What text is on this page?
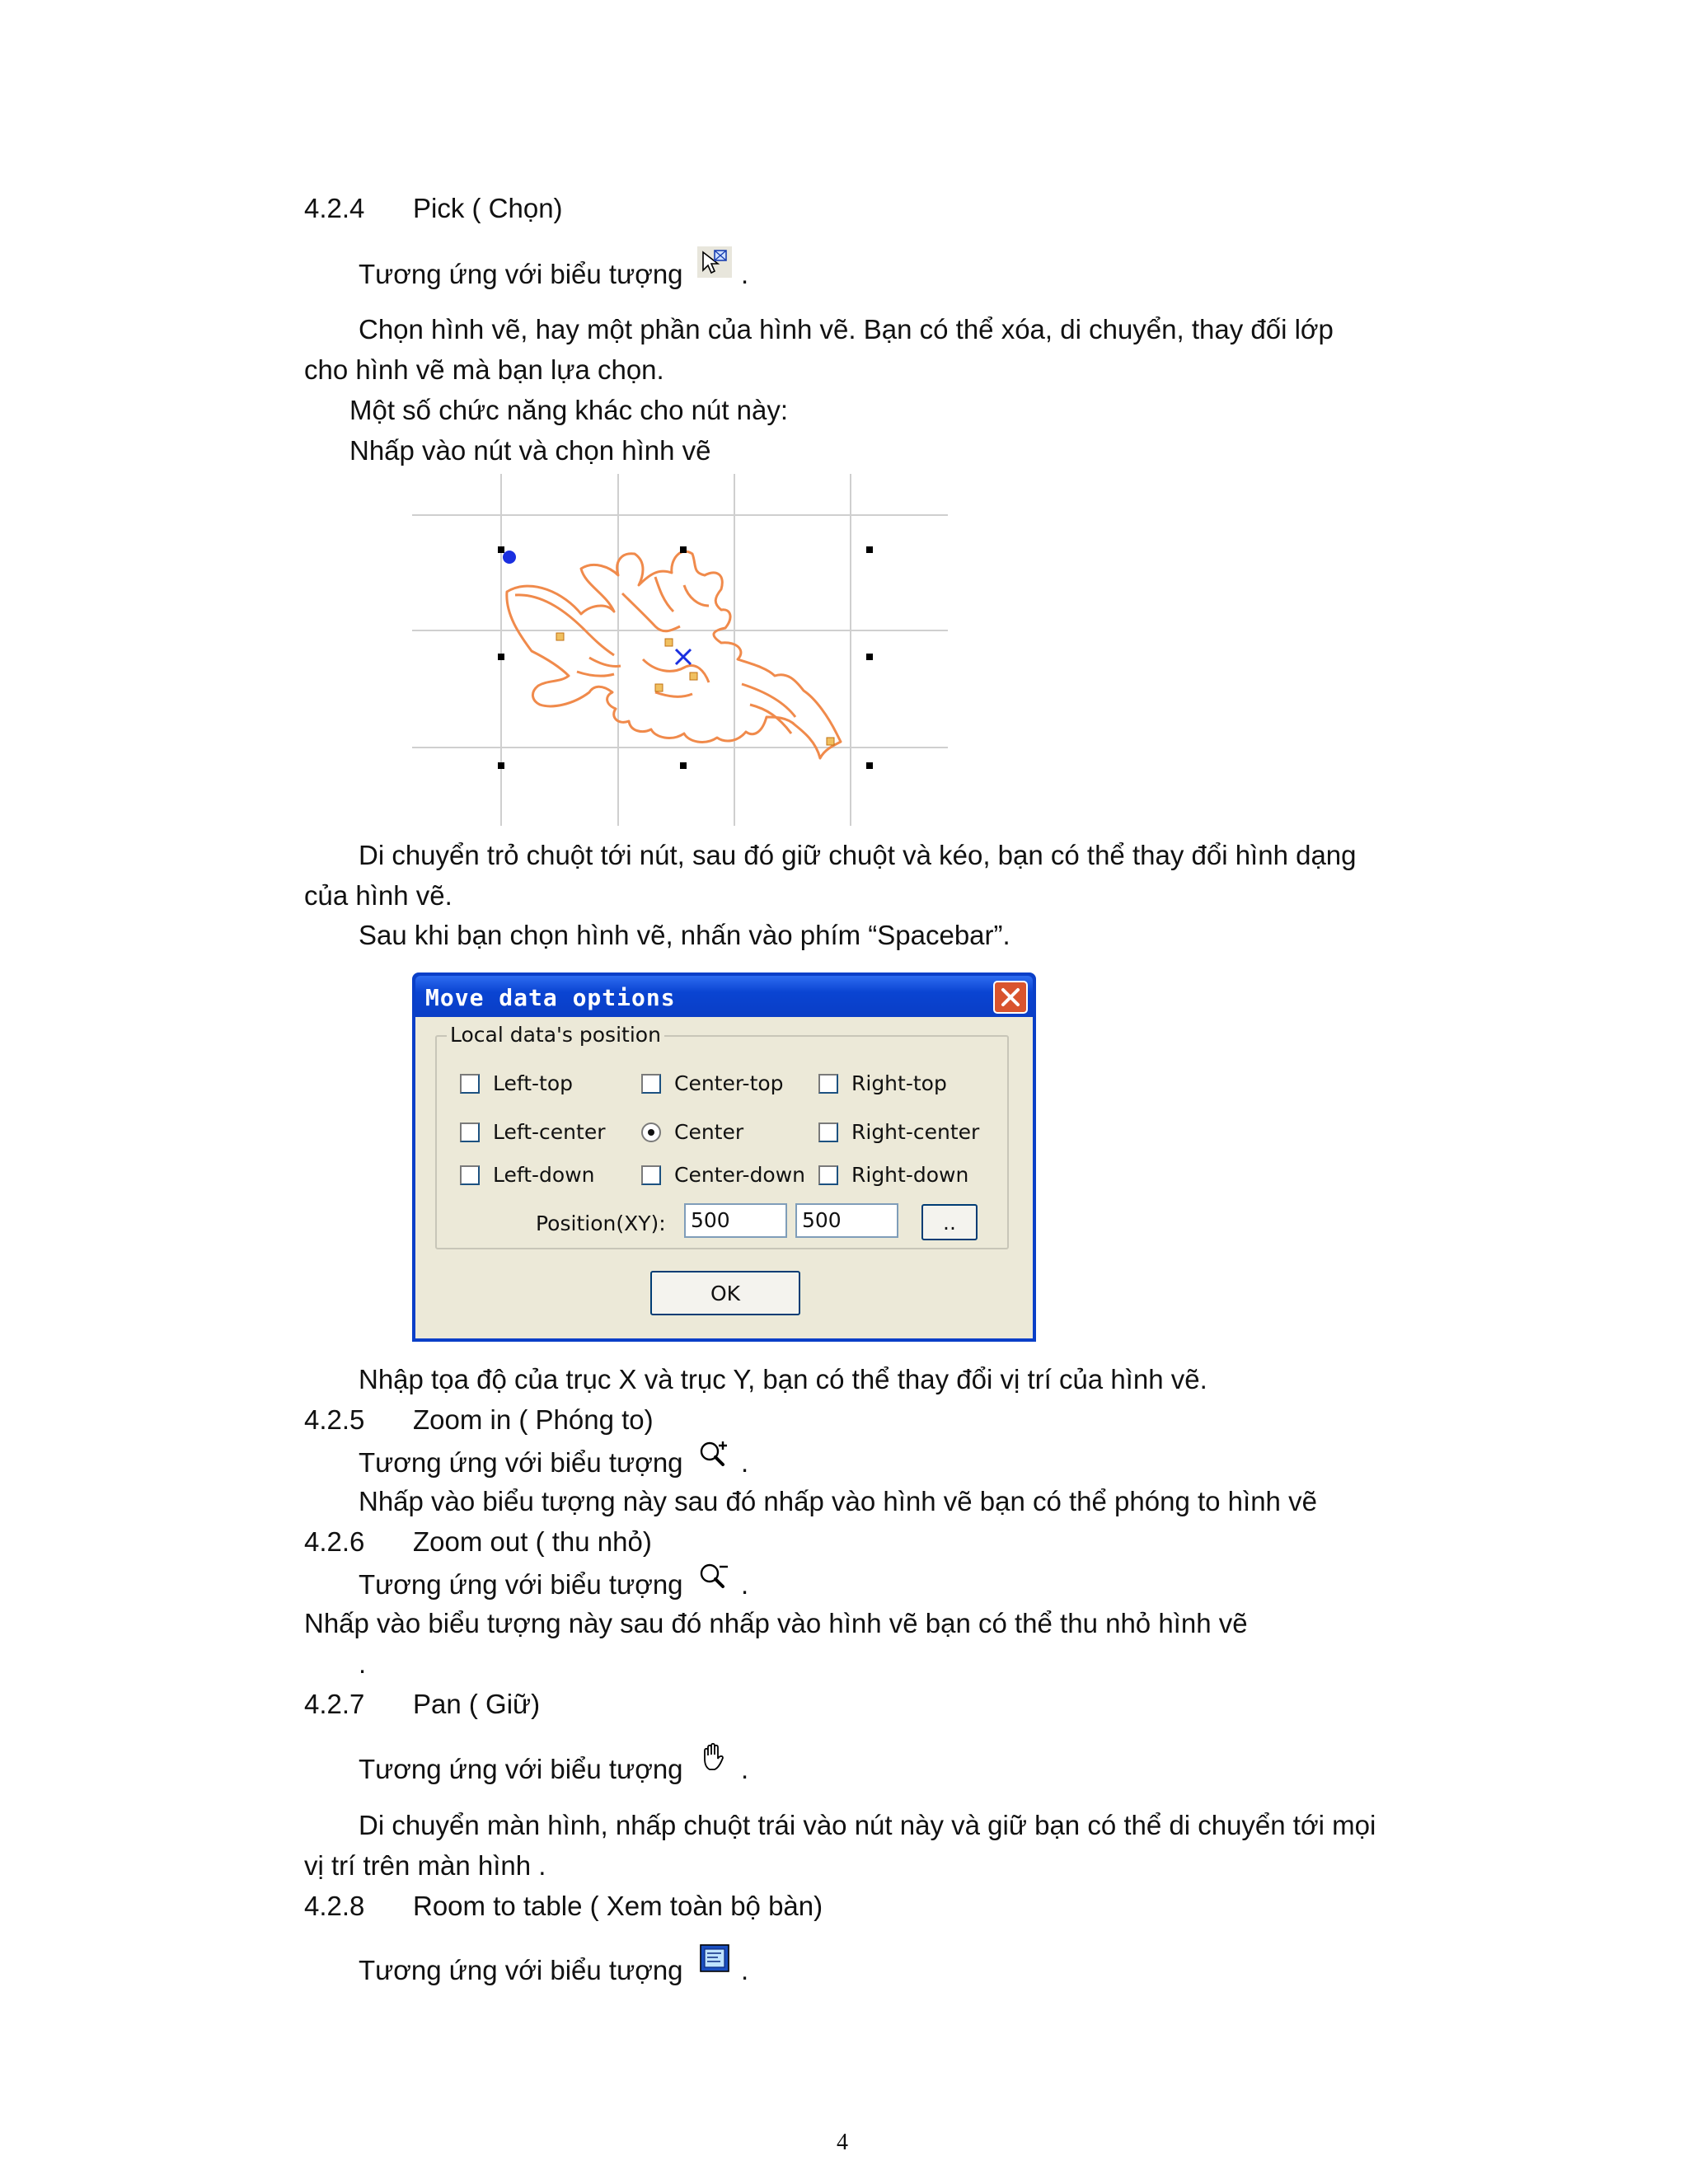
4.2.4 Pick ( Chọn)
Tương ứng với biểu tượng .
Chọn hình vẽ, hay một phần của hình vẽ. Bạn có thể xóa, di chuyển, thay đối lớp
cho hình vẽ mà bạn lựa chọn.
Một số chức năng khác cho nút này:
Nhấp vào nút và chọn hình vẽ
Di chuyển trỏ chuột tới nút, sau đó giữ chuột và kéo, bạn có thể thay đổi hình dạng
của hình vẽ.
Sau khi bạn chọn hình vẽ, nhấn vào phím “Spacebar”.
Move data options
Local data's position
Left-top	Center-top	Right-top
Left-center	Center	Right-center
Left-down	Center-down Right-down
Position(XY):	500	500	..
OK
Nhập tọa độ của trục X và trục Y, bạn có thể thay đổi vị trí của hình vẽ.
4.2.5 Zoom in ( Phóng to)
Tương ứng với biểu tượng .
Nhấp vào biểu tượng này sau đó nhấp vào hình vẽ bạn có thể phóng to hình vẽ
4.2.6 Zoom out ( thu nhỏ)
Tương ứng với biểu tượng .
Nhấp vào biểu tượng này sau đó nhấp vào hình vẽ bạn có thể thu nhỏ hình vẽ
.
4.2.7 Pan ( Giữ)
Tương ứng với biểu tượng .
Di chuyển màn hình, nhấp chuột trái vào nút này và giữ bạn có thể di chuyển tới mọi
vị trí trên màn hình .
4.2.8 Room to table ( Xem toàn bộ bàn)
Tương ứng với biểu tượng .
4
